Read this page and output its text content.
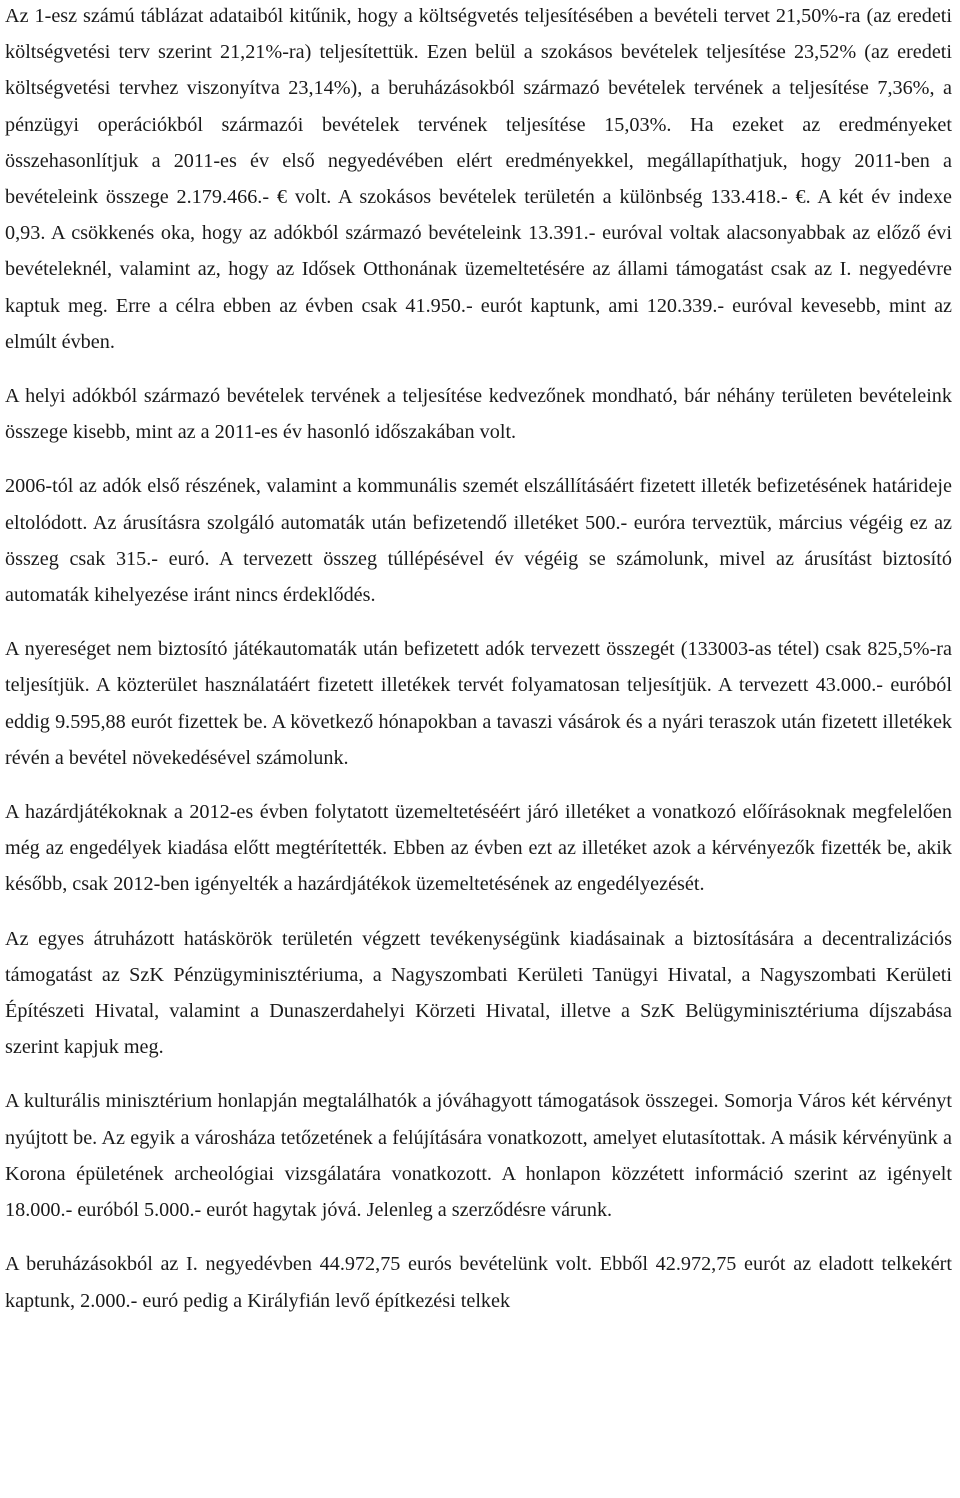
Az 1-esz számú táblázat adataiból kitűnik, hogy a költségvetés teljesítésében a bevételi tervet 21,50%-ra (az eredeti költségvetési terv szerint 21,21%-ra) teljesítettük. Ezen belül a szokásos bevételek teljesítése 23,52% (az eredeti költségvetési tervhez viszonyítva 23,14%), a beruházásokból származó bevételek tervének a teljesítése 7,36%, a pénzügyi operációkból származói bevételek tervének teljesítése 15,03%. Ha ezeket az eredményeket összehasonlítjuk a 2011-es év első negyedévében elért eredményekkel, megállapíthatjuk, hogy 2011-ben a bevételeink összege 2.179.466.- € volt. A szokásos bevételek területén a különbség 133.418.- €. A két év indexe 0,93. A csökkenés oka, hogy az adókból származó bevételeink 13.391.- euróval voltak alacsonyabbak az előző évi bevételeknél, valamint az, hogy az Idősek Otthonának üzemeltetésére az állami támogatást csak az I. negyedévre kaptuk meg. Erre a célra ebben az évben csak 41.950.- eurót kaptunk, ami 120.339.- euróval kevesebb, mint az elmúlt évben.

A helyi adókból származó bevételek tervének a teljesítése kedvezőnek mondható, bár néhány területen bevételeink összege kisebb, mint az a 2011-es év hasonló időszakában volt.

2006-tól az adók első részének, valamint a kommunális szemét elszállításáért fizetett illeték befizetésének határideje eltolódott. Az árusításra szolgáló automaták után befizetendő illetéket 500.- euróra terveztük, március végéig ez az összeg csak 315.- euró. A tervezett összeg túllépésével év végéig se számolunk, mivel az árusítást biztosító automaták kihelyezése iránt nincs érdeklődés.

A nyereséget nem biztosító játékautomaták után befizetett adók tervezett összegét (133003-as tétel) csak 825,5%-ra teljesítjük. A közterület használatáért fizetett illetékek tervét folyamatosan teljesítjük. A tervezett 43.000.- euróból eddig 9.595,88 eurót fizettek be. A következő hónapokban a tavaszi vásárok és a nyári teraszok után fizetett illetékek révén a bevétel növekedésével számolunk.

A hazárdjátékoknak a 2012-es évben folytatott üzemeltetéséért járó illetéket a vonatkozó előírásoknak megfelelően még az engedélyek kiadása előtt megtérítették. Ebben az évben ezt az illetéket azok a kérvényezők fizették be, akik később, csak 2012-ben igényelték a hazárdjátékok üzemeltetésének az engedélyezését.

Az egyes átruházott hatáskörök területén végzett tevékenységünk kiadásainak a biztosítására a decentralizációs támogatást az SzK Pénzügyminisztériuma, a Nagyszombati Kerületi Tanügyi Hivatal, a Nagyszombati Kerületi Építészeti Hivatal, valamint a Dunaszerdahelyi Körzeti Hivatal, illetve a SzK Belügyminisztériuma díjszabása szerint kapjuk meg.

A kulturális minisztérium honlapján megtalálhatók a jóváhagyott támogatások összegei. Somorja Város két kérvényt nyújtott be. Az egyik a városháza tetőzetének a felújítására vonatkozott, amelyet elutasítottak. A másik kérvényünk a Korona épületének archeológiai vizsgálatára vonatkozott. A honlapon közzétett információ szerint az igényelt 18.000.- euróból 5.000.- eurót hagytak jóvá. Jelenleg a szerződésre várunk.

A beruházásokból az I. negyedévben 44.972,75 eurós bevételünk volt. Ebből 42.972,75 eurót az eladott telkekért kaptunk, 2.000.- euró pedig a Királyfián levő építkezési telkek
